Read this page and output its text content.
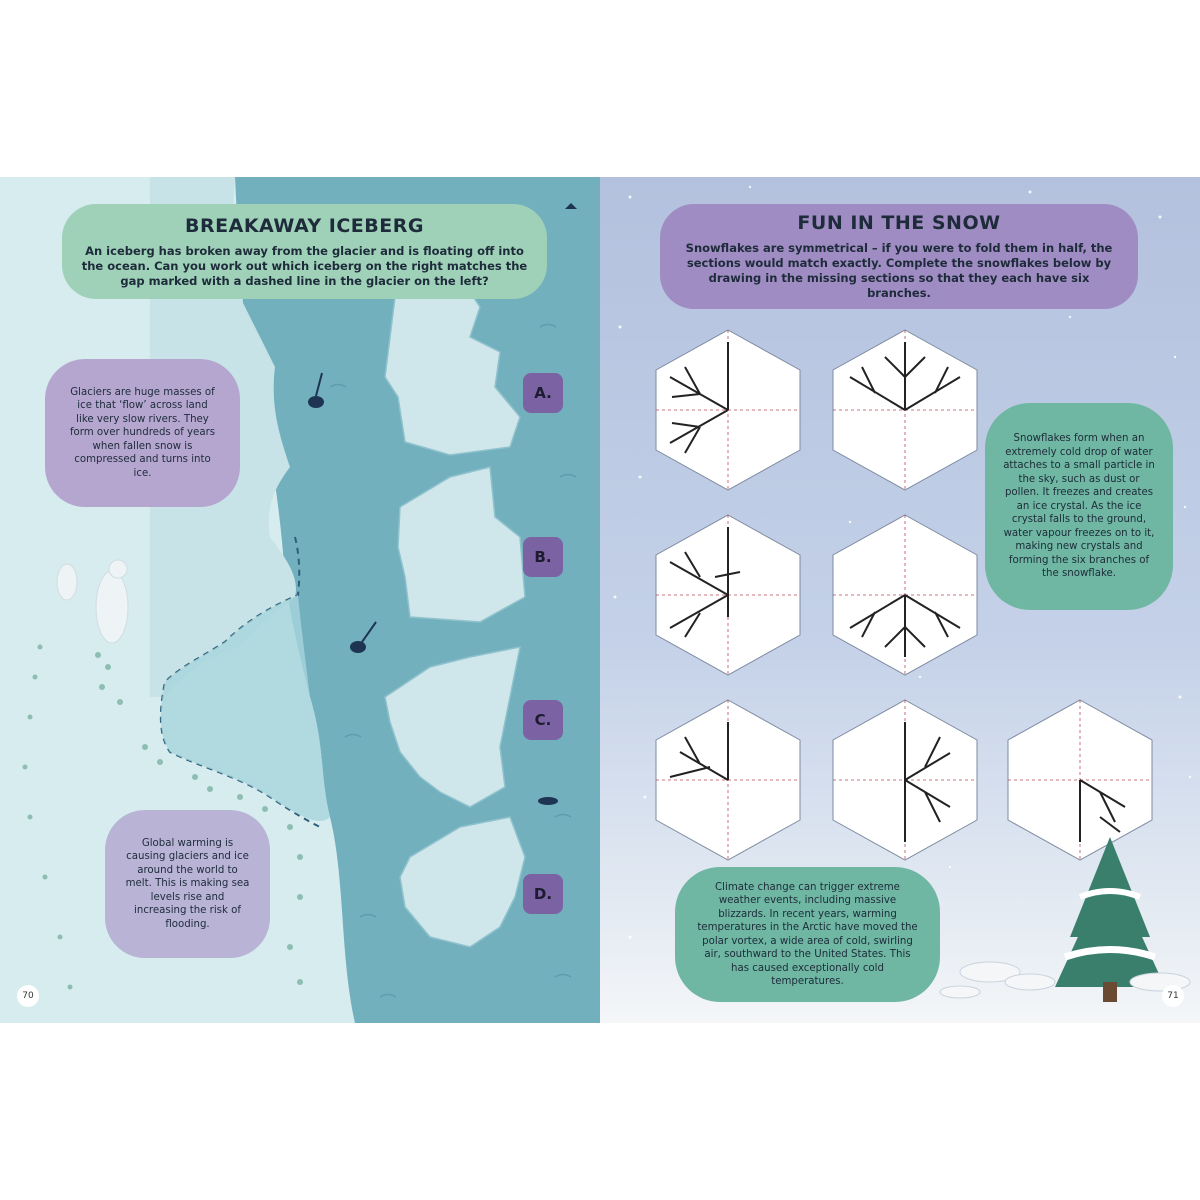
BREAKAWAY ICEBERG

An iceberg has broken away from the glacier and is floating off into the ocean. Can you work out which iceberg on the right matches the gap marked with a dashed line in the glacier on the left?

Glaciers are huge masses of ice that ‘flow’ across land like very slow rivers. They form over hundreds of years when fallen snow is compressed and turns into ice.

Global warming is causing glaciers and ice around the world to melt. This is making sea levels rise and increasing the risk of flooding.

A.
B.
C.
D.
70
FUN IN THE SNOW

Snowflakes are symmetrical – if you were to fold them in half, the sections would match exactly. Complete the snowflakes below by drawing in the missing sections so that they each have six branches.

Snowflakes form when an extremely cold drop of water attaches to a small particle in the sky, such as dust or pollen. It freezes and creates an ice crystal. As the ice crystal falls to the ground, water vapour freezes on to it, making new crystals and forming the six branches of the snowflake.

Climate change can trigger extreme weather events, including massive blizzards. In recent years, warming temperatures in the Arctic have moved the polar vortex, a wide area of cold, swirling air, southward to the United States. This has caused exceptionally cold temperatures.

71
